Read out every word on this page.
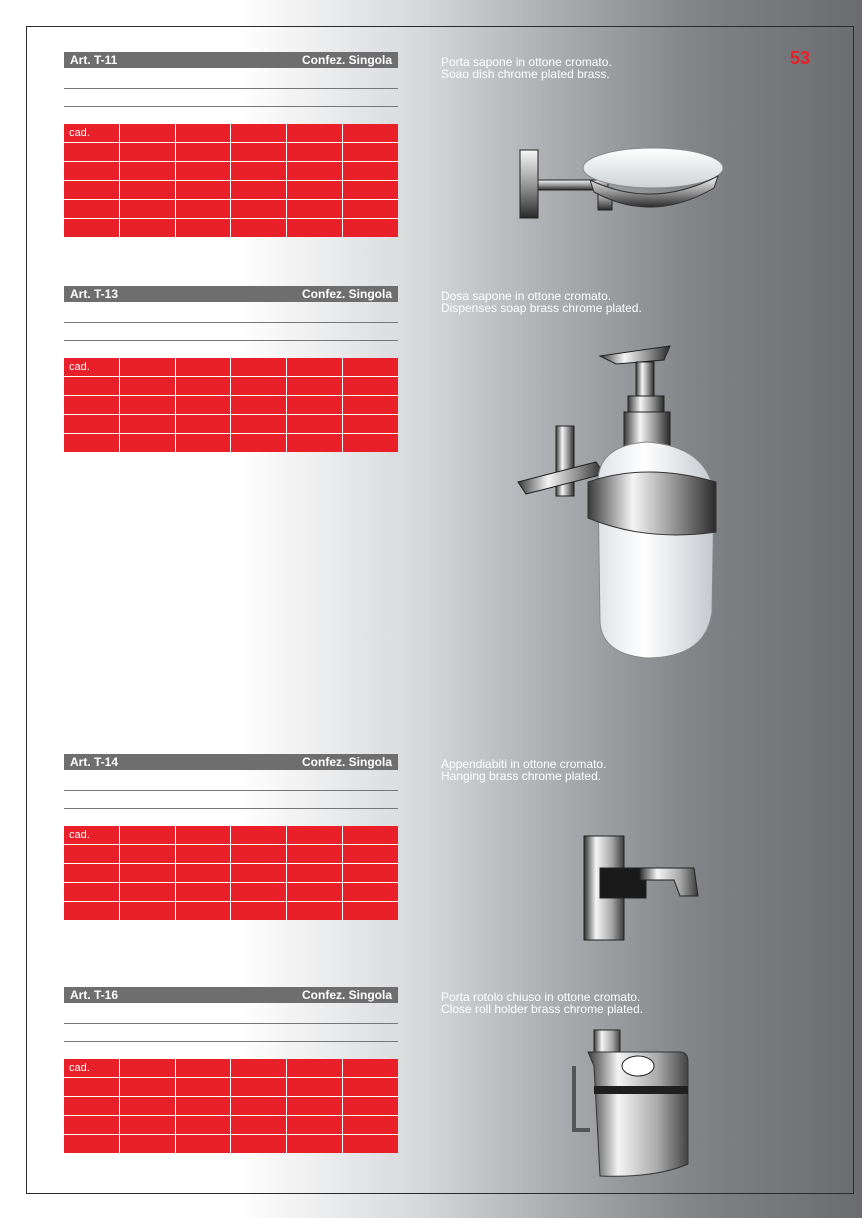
53
Art. T-11	Confez. Singola
cad.
Porta sapone in ottone cromato.
Soao dish chrome plated brass.
Art. T-13	Confez. Singola
cad.
Dosa sapone in ottone cromato.
Dispenses soap brass chrome plated.
Art. T-14	Confez. Singola
cad.
Appendiabiti in ottone cromato.
Hanging brass chrome plated.
Art. T-16	Confez. Singola
cad.
Porta rotolo chiuso in ottone cromato.
Close roll holder brass chrome plated.
